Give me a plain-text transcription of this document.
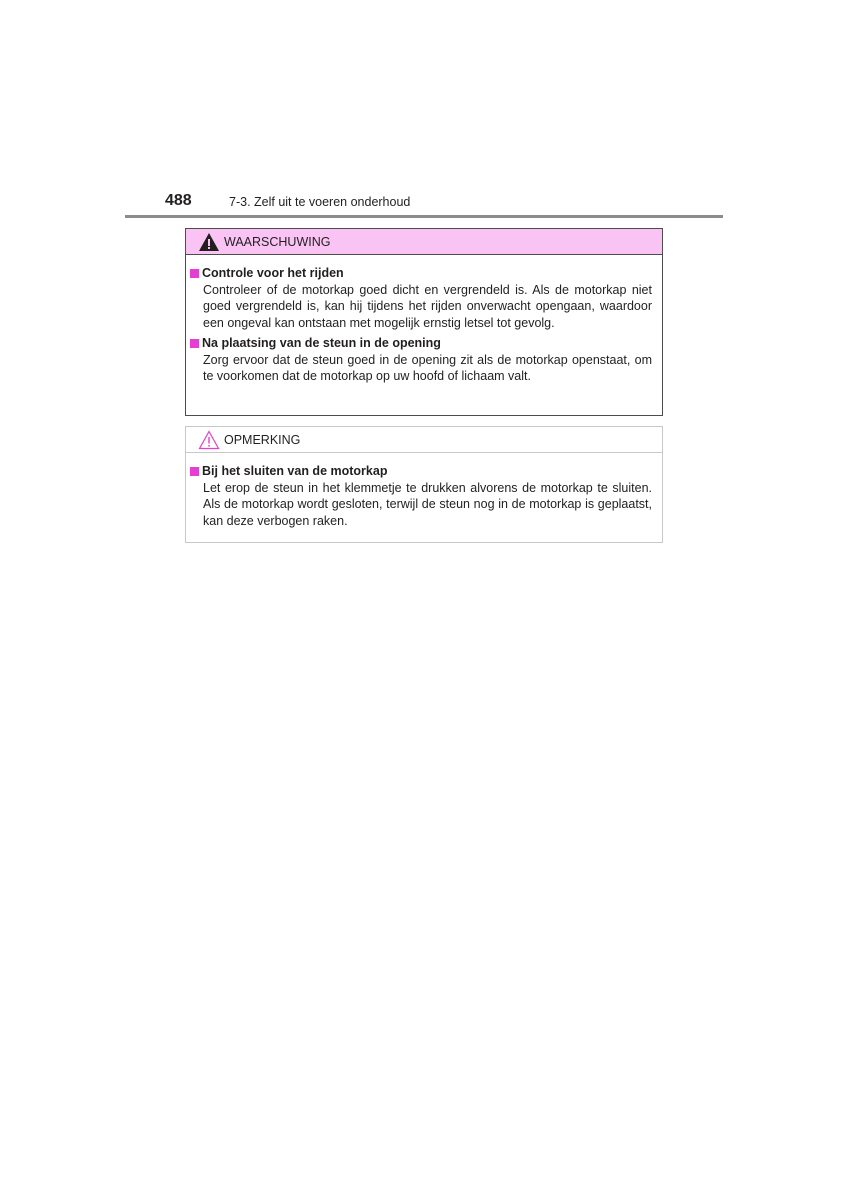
488	7-3. Zelf uit te voeren onderhoud
WAARSCHUWING
Controle voor het rijden
Controleer of de motorkap goed dicht en vergrendeld is. Als de motorkap niet goed vergrendeld is, kan hij tijdens het rijden onverwacht opengaan, waardoor een ongeval kan ontstaan met mogelijk ernstig letsel tot gevolg.
Na plaatsing van de steun in de opening
Zorg ervoor dat de steun goed in de opening zit als de motorkap openstaat, om te voorkomen dat de motorkap op uw hoofd of lichaam valt.
OPMERKING
Bij het sluiten van de motorkap
Let erop de steun in het klemmetje te drukken alvorens de motorkap te sluiten. Als de motorkap wordt gesloten, terwijl de steun nog in de motorkap is geplaatst, kan deze verbogen raken.
